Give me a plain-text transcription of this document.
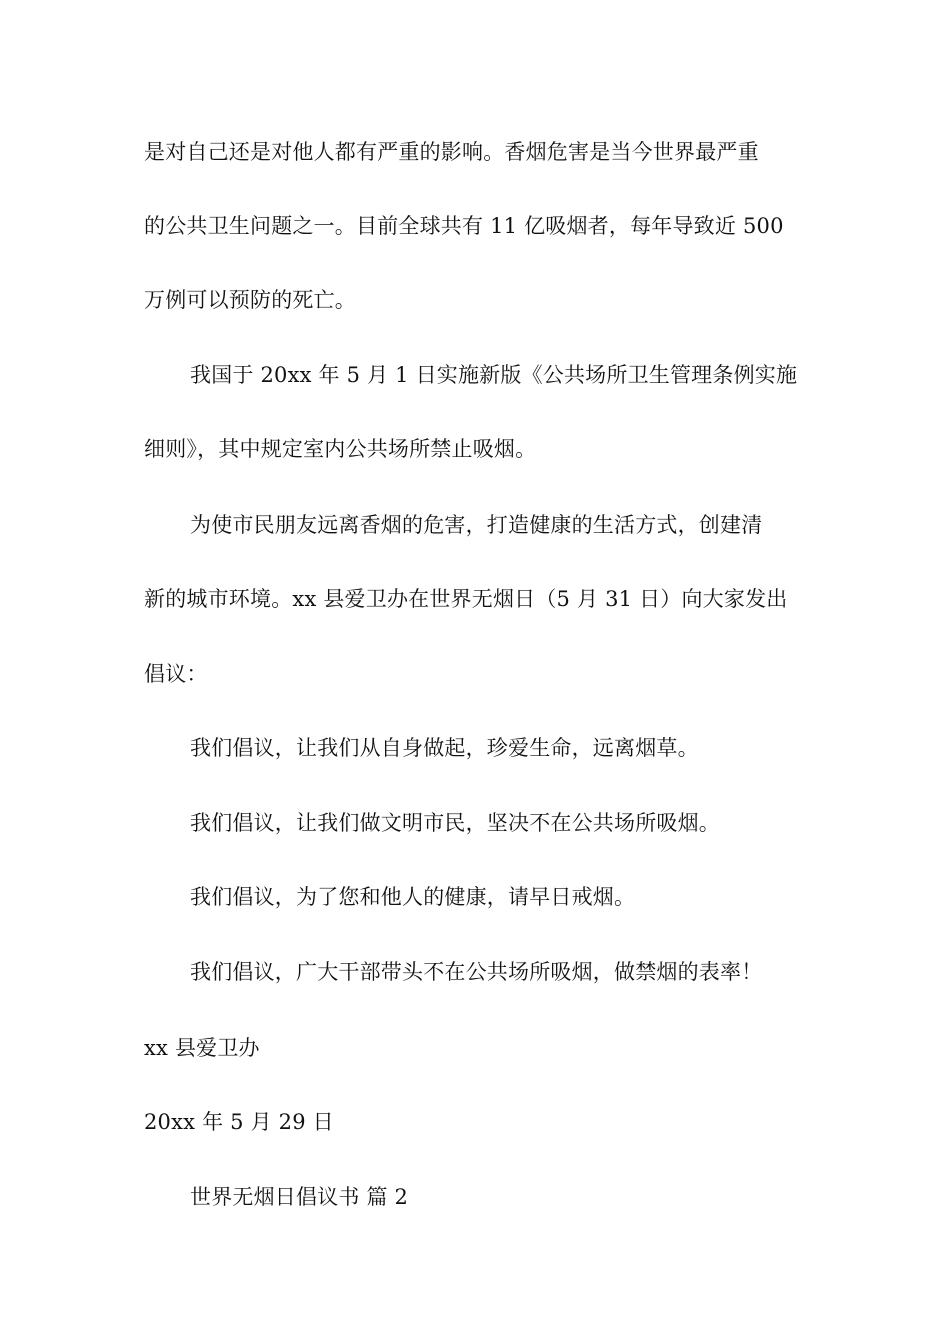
是对自己还是对他人都有严重的影响。香烟危害是当今世界最严重
的公共卫生问题之一。目前全球共有 11 亿吸烟者，每年导致近 500
万例可以预防的死亡。
我国于 20xx 年 5 月 1 日实施新版《公共场所卫生管理条例实施
细则》，其中规定室内公共场所禁止吸烟。
为使市民朋友远离香烟的危害，打造健康的生活方式，创建清
新的城市环境。xx 县爱卫办在世界无烟日（5 月 31 日）向大家发出
倡议：
我们倡议，让我们从自身做起，珍爱生命，远离烟草。
我们倡议，让我们做文明市民，坚决不在公共场所吸烟。
我们倡议，为了您和他人的健康，请早日戒烟。
我们倡议，广大干部带头不在公共场所吸烟，做禁烟的表率！
xx 县爱卫办
20xx 年 5 月 29 日
世界无烟日倡议书 篇 2
